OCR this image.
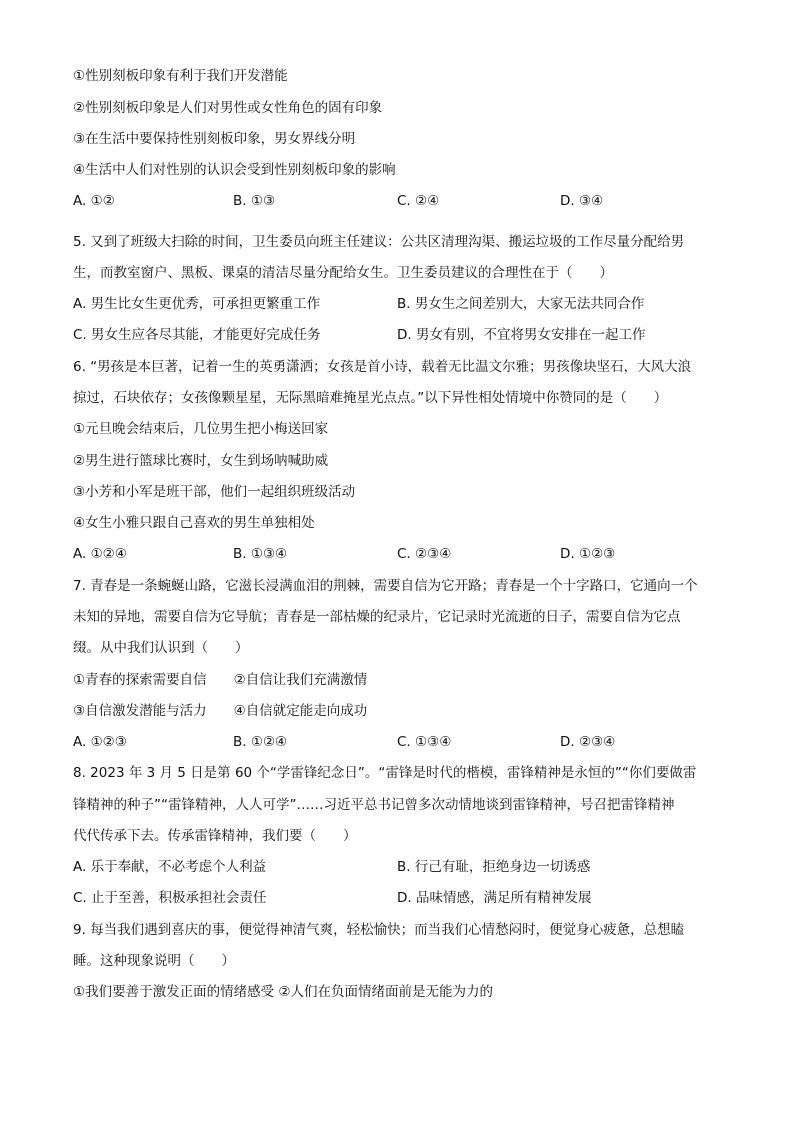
①性别刻板印象有利于我们开发潜能
②性别刻板印象是人们对男性或女性角色的固有印象
③在生活中要保持性别刻板印象，男女界线分明
④生活中人们对性别的认识会受到性别刻板印象的影响
A. ①②	B. ①③	C. ②④	D. ③④
5. 又到了班级大扫除的时间，卫生委员向班主任建议：公共区清理沟渠、搬运垃圾的工作尽量分配给男
生，而教室窗户、黑板、课桌的清洁尽量分配给女生。卫生委员建议的合理性在于（　　）
A. 男生比女生更优秀，可承担更繁重工作	B. 男女生之间差别大，大家无法共同合作
C. 男女生应各尽其能，才能更好完成任务	D. 男女有别，不宜将男女安排在一起工作
6. “男孩是本巨著，记着一生的英勇潇洒；女孩是首小诗，载着无比温文尔雅；男孩像块坚石，大风大浪
掠过，石块依存；女孩像颗星星，无际黑暗难掩星光点点。”以下异性相处情境中你赞同的是（　　）
①元旦晚会结束后，几位男生把小梅送回家
②男生进行篮球比赛时，女生到场呐喊助威
③小芳和小军是班干部，他们一起组织班级活动
④女生小雅只跟自己喜欢的男生单独相处
A. ①②④	B. ①③④	C. ②③④	D. ①②③
7. 青春是一条蜿蜒山路，它滋长浸满血泪的荆棘，需要自信为它开路；青春是一个十字路口，它通向一个
未知的异地，需要自信为它导航；青春是一部枯燥的纪录片，它记录时光流逝的日子，需要自信为它点
缀。从中我们认识到（　　）
①青春的探索需要自信　　②自信让我们充满激情
③自信激发潜能与活力　　④自信就定能走向成功
A. ①②③	B. ①②④	C. ①③④	D. ②③④
8. 2023 年 3 月 5 日是第 60 个“学雷锋纪念日”。“雷锋是时代的楷模，雷锋精神是永恒的”“你们要做雷
锋精神的种子”“雷锋精神，人人可学”……习近平总书记曾多次动情地谈到雷锋精神，号召把雷锋精神
代代传承下去。传承雷锋精神，我们要（　　）
A. 乐于奉献，不必考虑个人利益	B. 行己有耻，拒绝身边一切诱惑
C. 止于至善，积极承担社会责任	D. 品味情感，满足所有精神发展
9. 每当我们遇到喜庆的事，便觉得神清气爽，轻松愉快；而当我们心情愁闷时，便觉身心疲惫，总想瞌
睡。这种现象说明（　　）
①我们要善于激发正面的情绪感受 ②人们在负面情绪面前是无能为力的
